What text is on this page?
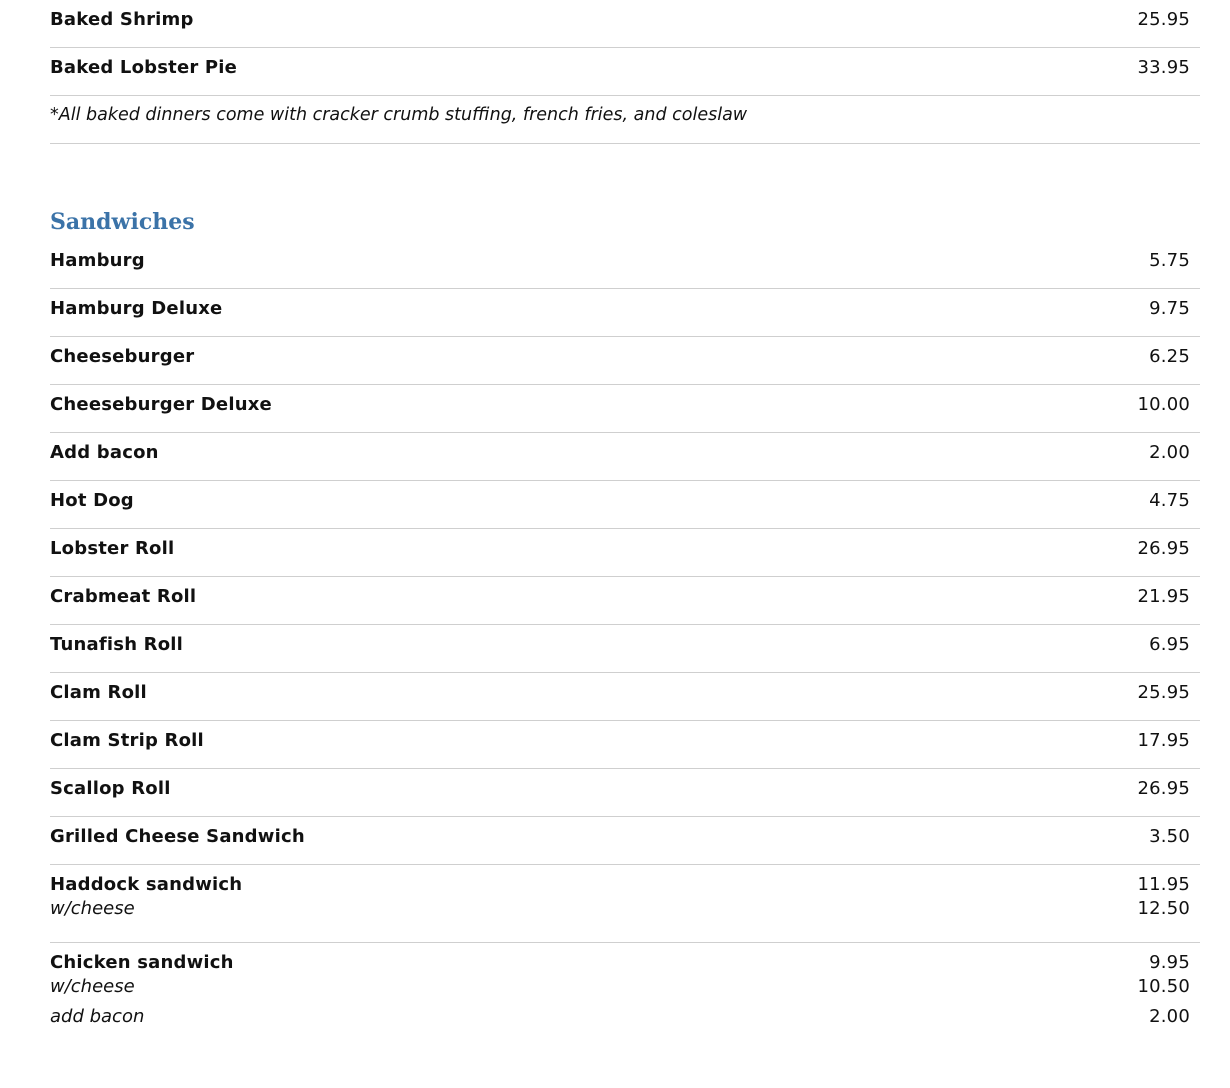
Baked Shrimp	25.95
Baked Lobster Pie	33.95
*All baked dinners come with cracker crumb stuffing, french fries, and coleslaw
Sandwiches
Hamburg	5.75
Hamburg Deluxe	9.75
Cheeseburger	6.25
Cheeseburger Deluxe	10.00
Add bacon	2.00
Hot Dog	4.75
Lobster Roll	26.95
Crabmeat Roll	21.95
Tunafish Roll	6.95
Clam Roll	25.95
Clam Strip Roll	17.95
Scallop Roll	26.95
Grilled Cheese Sandwich	3.50
Haddock sandwich	11.95
w/cheese	12.50
Chicken sandwich	9.95
w/cheese	10.50
add bacon	2.00
